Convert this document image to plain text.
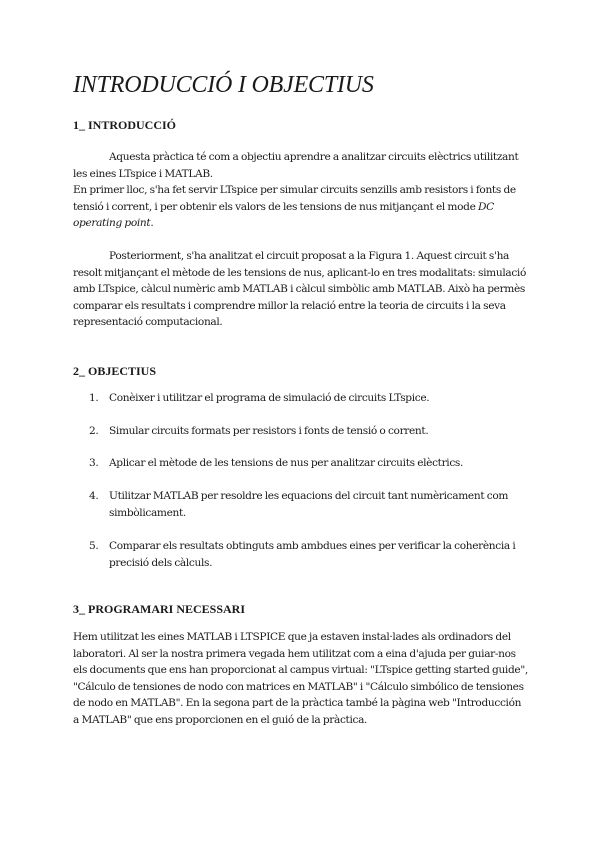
INTRODUCCIÓ I OBJECTIUS
1_ INTRODUCCIÓ

Aquesta pràctica té com a objectiu aprendre a analitzar circuits elèctrics utilitzant les eines LTspice i MATLAB.
En primer lloc, s'ha fet servir LTspice per simular circuits senzills amb resistors i fonts de tensió i corrent, i per obtenir els valors de les tensions de nus mitjançant el mode DC operating point.

Posteriorment, s'ha analitzat el circuit proposat a la Figura 1. Aquest circuit s'ha resolt mitjançant el mètode de les tensions de nus, aplicant-lo en tres modalitats: simulació amb LTspice, càlcul numèric amb MATLAB i càlcul simbòlic amb MATLAB. Això ha permès comparar els resultats i comprendre millor la relació entre la teoria de circuits i la seva representació computacional.

2_ OBJECTIUS
1. Conèixer i utilitzar el programa de simulació de circuits LTspice.
2. Simular circuits formats per resistors i fonts de tensió o corrent.
3. Aplicar el mètode de les tensions de nus per analitzar circuits elèctrics.
4. Utilitzar MATLAB per resoldre les equacions del circuit tant numèricament com simbòlicament.
5. Comparar els resultats obtinguts amb ambdues eines per verificar la coherència i precisió dels càlculs.
3_ PROGRAMARI NECESSARI

Hem utilitzat les eines MATLAB i LTSPICE que ja estaven instal·lades als ordinadors del laboratori. Al ser la nostra primera vegada hem utilitzat com a eina d'ajuda per guiar-nos els documents que ens han proporcionat al campus virtual: "LTspice getting started guide", "Cálculo de tensiones de nodo con matrices en MATLAB" i "Cálculo simbólico de tensiones de nodo en MATLAB". En la segona part de la pràctica també la pàgina web "Introducción a MATLAB" que ens proporcionen en el guió de la pràctica.
